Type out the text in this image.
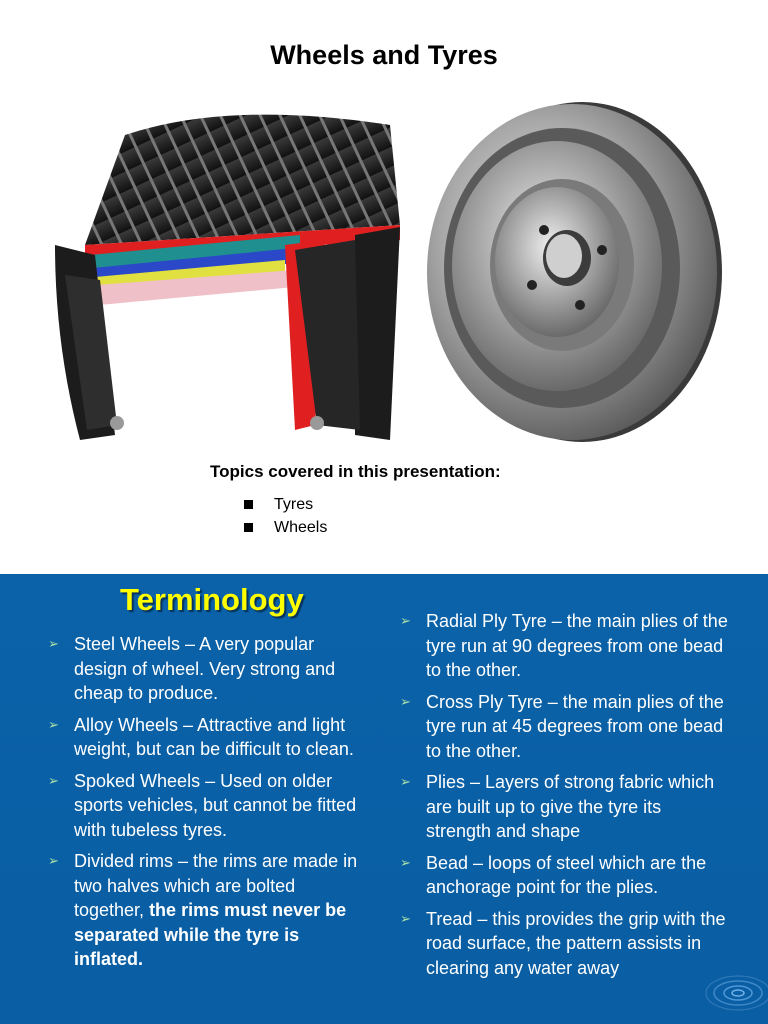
Wheels and Tyres
Topics covered in this presentation:
Tyres
Wheels
Terminology
➢ Steel Wheels – A very popular design of wheel. Very strong and cheap to produce.
➢ Alloy Wheels – Attractive and light weight, but can be difficult to clean.
➢ Spoked Wheels – Used on older sports vehicles, but cannot be fitted with tubeless tyres.
➢ Divided rims – the rims are made in two halves which are bolted together, the rims must never be separated while the tyre is inflated.
➢ Radial Ply Tyre – the main plies of the tyre run at 90 degrees from one bead to the other.
➢ Cross Ply Tyre – the main plies of the tyre run at 45 degrees from one bead to the other.
➢ Plies – Layers of strong fabric which are built up to give the tyre its strength and shape
➢ Bead – loops of steel which are the anchorage point for the plies.
➢ Tread – this provides the grip with the road surface, the pattern assists in clearing any water away
